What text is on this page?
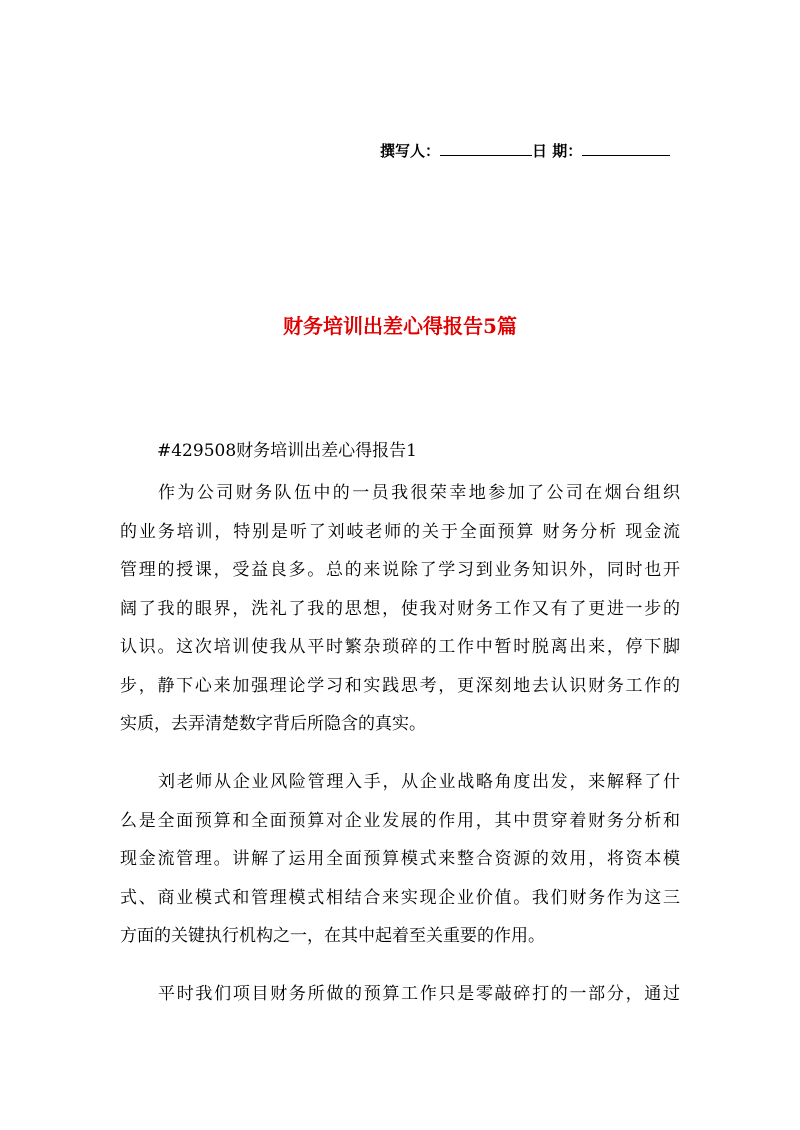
撰写人：	日 期：
财务培训出差心得报告5篇
#429508财务培训出差心得报告1
作为公司财务队伍中的一员我很荣幸地参加了公司在烟台组织
的业务培训，特别是听了刘岐老师的关于全面预算 财务分析 现金流
管理的授课，受益良多。总的来说除了学习到业务知识外，同时也开
阔了我的眼界，洗礼了我的思想，使我对财务工作又有了更进一步的
认识。这次培训使我从平时繁杂琐碎的工作中暂时脱离出来，停下脚
步，静下心来加强理论学习和实践思考，更深刻地去认识财务工作的
实质，去弄清楚数字背后所隐含的真实。
刘老师从企业风险管理入手，从企业战略角度出发，来解释了什
么是全面预算和全面预算对企业发展的作用，其中贯穿着财务分析和
现金流管理。讲解了运用全面预算模式来整合资源的效用，将资本模
式、商业模式和管理模式相结合来实现企业价值。我们财务作为这三
方面的关键执行机构之一，在其中起着至关重要的作用。
平时我们项目财务所做的预算工作只是零敲碎打的一部分，通过
